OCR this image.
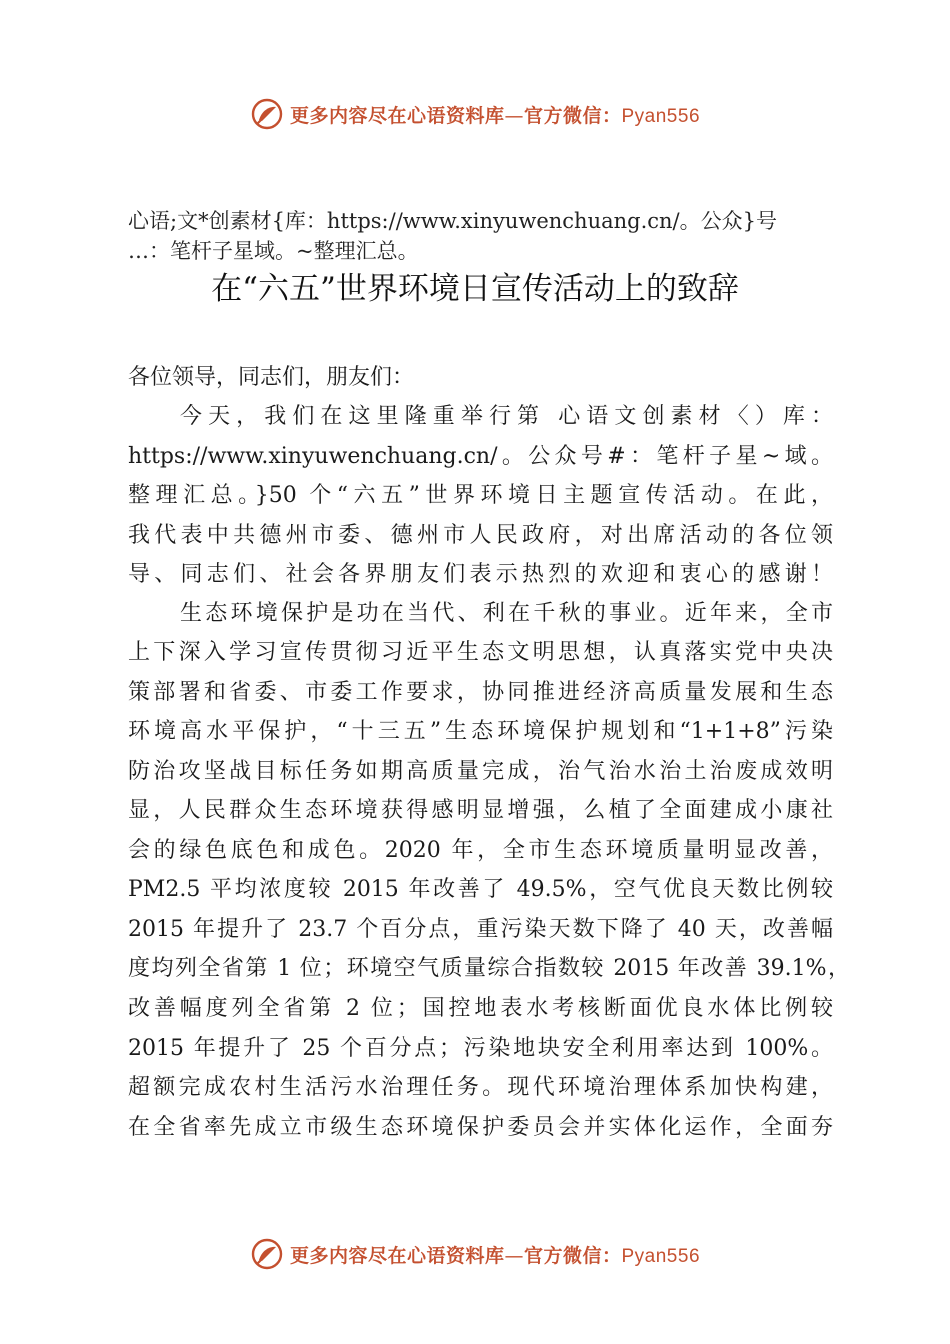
更多内容尽在心语资料库—官方微信：Pyan556
心语;文*创素材{库：https://www.xinyuwenchuang.cn/。公众}号
…：笔杆子星域。~整理汇总。
在“六五”世界环境日宣传活动上的致辞
各位领导，同志们，朋友们：
今天，我们在这里隆重举行第 心语文创素材〈）库：
https://www.xinyuwenchuang.cn/。公众号#：笔杆子星~域。
整理汇总。}50 个“六五”世界环境日主题宣传活动。在此，
我代表中共德州市委、德州市人民政府，对出席活动的各位领
导、同志们、社会各界朋友们表示热烈的欢迎和衷心的感谢！
生态环境保护是功在当代、利在千秋的事业。近年来，全市
上下深入学习宣传贯彻习近平生态文明思想，认真落实党中央决
策部署和省委、市委工作要求，协同推进经济高质量发展和生态
环境高水平保护，“十三五”生态环境保护规划和“1+1+8”污染
防治攻坚战目标任务如期高质量完成，治气治水治土治废成效明
显，人民群众生态环境获得感明显增强，么植了全面建成小康社
会的绿色底色和成色。2020 年，全市生态环境质量明显改善，
PM2.5 平均浓度较 2015 年改善了 49.5%，空气优良天数比例较
2015 年提升了 23.7 个百分点，重污染天数下降了 40 天，改善幅
度均列全省第 1 位；环境空气质量综合指数较 2015 年改善 39.1%，
改善幅度列全省第 2 位；国控地表水考核断面优良水体比例较
2015 年提升了 25 个百分点；污染地块安全利用率达到 100%。
超额完成农村生活污水治理任务。现代环境治理体系加快构建，
在全省率先成立市级生态环境保护委员会并实体化运作，全面夯
更多内容尽在心语资料库—官方微信：Pyan556
